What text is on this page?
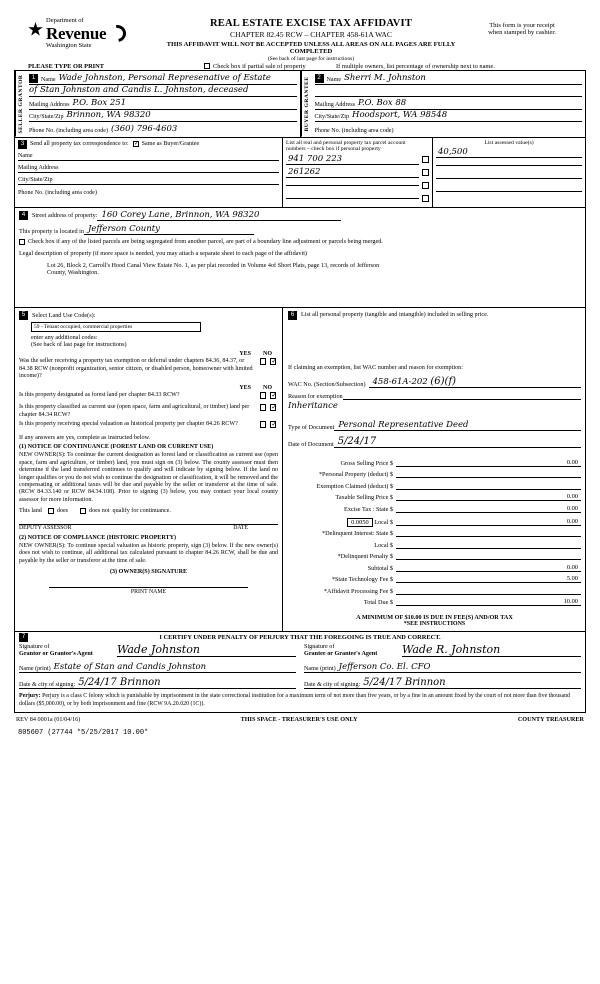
Department of
Revenue
Washington State
REAL ESTATE EXCISE TAX AFFIDAVIT
CHAPTER 82.45 RCW – CHAPTER 458-61A WAC
THIS AFFIDAVIT WILL NOT BE ACCEPTED UNLESS ALL AREAS ON ALL PAGES ARE FULLY COMPLETED
(See back of last page for instructions)
This form is your receipt
when stamped by cashier.
PLEASE TYPE OR PRINT	Check box if partial sale of property	If multiple owners, list percentage of ownership next to name.
SELLER GRANTOR	1 Name Wade Johnston, Personal Represenative of Estate
of Stan Johnston and Candis L. Johnston, deceased
Mailing Address P.O. Box 251
City/State/Zip Brinnon, WA 98320
Phone No. (including area code) (360) 796-4603	BUYER GRANTEE	2 Name Sherri M. Johnston
Mailing Address P.O. Box 88
City/State/Zip Hoodsport, WA 98548
Phone No. (including area code)
3 Send all property tax correspondence to: ✓ Same as Buyer/Grantee
Name
Mailing Address
City/State/Zip
Phone No. (including area code)
List all real and personal property tax parcel account
numbers – check box if personal property
941 700 223
261262
List assessed value(s)
40,500
4	Street address of property: 160 Corey Lane, Brinnon, WA 98320
This property is located in Jefferson County
Check box if any of the listed parcels are being segregated from another parcel, are part of a boundary line adjustment or parcels being merged.
Legal description of property (if more space is needed, you may attach a separate sheet to each page of the affidavit)
Lot 26, Block 2, Carroll's Hood Canal View Estate No. 1, as per plat recorded in Volume 4of Short Plats, page 13, records of Jefferson
County, Washington.
5	Select Land Use Code(s):
59 - Tenant occupied, commercial properties
enter any additional codes:
(See back of last page for instructions)
YES NO
Was the seller receiving a property tax exemption or deferral under chapters 84.36, 84.37, or 84.38 RCW (nonprofit organization, senior citizen, or disabled person, homeowner with limited income)?
✓
YES NO
Is this property designated as forest land per chapter 84.33 RCW?
✓
Is this property classified as current use (open space, farm and agricultural, or timber) land per chapter 84.34 RCW?
✓
Is this property receiving special valuation as historical property per chapter 84.26 RCW?
✓
If any answers are yes, complete as instructed below.
(1) NOTICE OF CONTINUANCE (FOREST LAND OR CURRENT USE)
NEW OWNER(S): To continue the current designation as forest land or classification as current use (open space, farm and agriculture, or timber) land, you must sign on (3) below. The county assessor must then determine if the land transferred continues to qualify and will indicate by signing below. If the land no longer qualifies or you do not wish to continue the designation or classification, it will be removed and the compensating or additional taxes will be due and payable by the seller or transferor at the time of sale. (RCW 84.33.140 or RCW 84.34.108). Prior to signing (3) below, you may contact your local county assessor for more information.
This land does	does not qualify for continuance.
DEPUTY ASSESSOR	DATE
(2) NOTICE OF COMPLIANCE (HISTORIC PROPERTY)
NEW OWNER(S): To continue special valuation as historic property, sign (3) below. If the new owner(s) does not wish to continue, all additional tax calculated pursuant to chapter 84.26 RCW, shall be due and payable by the seller or transferor at the time of sale.
(3) OWNER(S) SIGNATURE
PRINT NAME
6	List all personal property (tangible and intangible) included in selling price.
If claiming an exemption, list WAC number and reason for exemption:
WAC No. (Section/Subsection) 458-61A-202 (6)(f)
Reason for exemption
Inheritance
Type of Document Personal Representative Deed
Date of Document 5/24/17
Gross Selling Price $	0.00
*Personal Property (deduct) $
Exemption Claimed (deduct) $
Taxable Selling Price $	0.00
Excise Tax : State $	0.00
0.0050 Local $	0.00
*Delinquent Interest: State $
Local $
*Delinquent Penalty $
Subtotal $	0.00
*State Technology Fee $	5.00
*Affidavit Processing Fee $
Total Due $	10.00
A MINIMUM OF $10.00 IS DUE IN FEE(S) AND/OR TAX
*SEE INSTRUCTIONS
7	I CERTIFY UNDER PENALTY OF PERJURY THAT THE FOREGOING IS TRUE AND CORRECT.
Signature of
Grantor or Grantor's Agent	Wade Johnston
Name (print) Estate of Stan and Candis Johnston
Date & city of signing: 5/24/17 Brinnon
Signature of
Grantee or Grantee's Agent	Wade R. Johnston
Name (print) Jefferson Co. El. CFO
Date & city of signing: 5/24/17 Brinnon
Perjury: Perjury is a class C felony which is punishable by imprisonment in the state correctional institution for a maximum term of not more than five years, or by a fine in an amount fixed by the court of not more than five thousand dollars ($5,000.00), or by both imprisonment and fine (RCW 9A.20.020 (1C)).
REV 84 0001a (01/04/16)	THIS SPACE - TREASURER'S USE ONLY	COUNTY TREASURER
805607 (27744 *5/25/2017 10.00*
